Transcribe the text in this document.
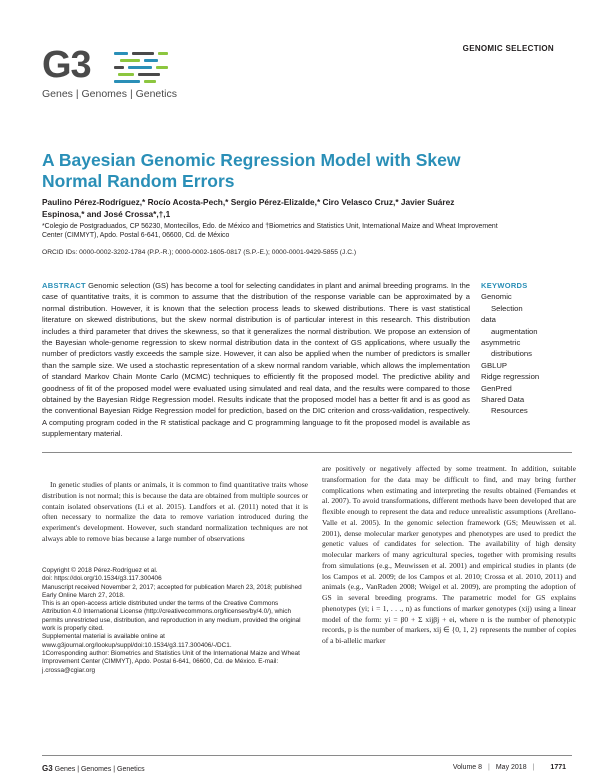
G3
Genes | Genomes | Genetics
GENOMIC SELECTION
A Bayesian Genomic Regression Model with Skew Normal Random Errors
Paulino Pérez-Rodríguez,* Rocío Acosta-Pech,* Sergio Pérez-Elizalde,* Ciro Velasco Cruz,* Javier Suárez Espinosa,* and José Crossa*,†,1
*Colegio de Postgraduados, CP 56230, Montecillos, Edo. de México and †Biometrics and Statistics Unit, International Maize and Wheat Improvement Center (CIMMYT), Apdo. Postal 6-641, 06600, Cd. de México
ORCID IDs: 0000-0002-3202-1784 (P.P.-R.); 0000-0002-1605-0817 (S.P.-E.); 0000-0001-9429-5855 (J.C.)
ABSTRACT Genomic selection (GS) has become a tool for selecting candidates in plant and animal breeding programs. In the case of quantitative traits, it is common to assume that the distribution of the response variable can be approximated by a normal distribution. However, it is known that the selection process leads to skewed distributions. There is vast statistical literature on skewed distributions, but the skew normal distribution is of particular interest in this research. This distribution includes a third parameter that drives the skewness, so that it generalizes the normal distribution. We propose an extension of the Bayesian whole-genome regression to skew normal distribution data in the context of GS applications, where usually the number of predictors vastly exceeds the sample size. However, it can also be applied when the number of predictors is smaller than the sample size. We used a stochastic representation of a skew normal random variable, which allows the implementation of standard Markov Chain Monte Carlo (MCMC) techniques to efficiently fit the proposed model. The predictive ability and goodness of fit of the proposed model were evaluated using simulated and real data, and the results were compared to those obtained by the Bayesian Ridge Regression model. Results indicate that the proposed model has a better fit and is as good as the conventional Bayesian Ridge Regression model for prediction, based on the DIC criterion and cross-validation, respectively. A computing program coded in the R statistical package and C programming language to fit the proposed model is available as supplementary material.
KEYWORDS
Genomic
Selection
data
augmentation
asymmetric
distributions
GBLUP
Ridge regression
GenPred
Shared Data
Resources

In genetic studies of plants or animals, it is common to find quantitative traits whose distribution is not normal; this is because the data are obtained from multiple sources or contain isolated observations (Li et al. 2015). Landfors et al. (2011) noted that it is often necessary to normalize the data to remove variation introduced during the experiment's development. However, such standard normalization techniques are not always able to remove bias because a large number of observations

Copyright © 2018 Pérez-Rodríguez et al.

doi: https://doi.org/10.1534/g3.117.300406

Manuscript received November 2, 2017; accepted for publication March 23, 2018; published Early Online March 27, 2018.

This is an open-access article distributed under the terms of the Creative Commons Attribution 4.0 International License (http://creativecommons.org/licenses/by/4.0/), which permits unrestricted use, distribution, and reproduction in any medium, provided the original work is properly cited.

Supplemental material is available online at www.g3journal.org/lookup/suppl/doi:10.1534/g3.117.300406/-/DC1.

1Corresponding author: Biometrics and Statistics Unit of the International Maize and Wheat Improvement Center (CIMMYT), Apdo. Postal 6-641, 06600, Cd. de México. E-mail: j.crossa@cgiar.org

are positively or negatively affected by some treatment. In addition, suitable transformation for the data may be difficult to find, and may bring further complications when estimating and interpreting the results obtained (Fernandes et al. 2007). To avoid transformations, different methods have been developed that are flexible enough to represent the data and reduce unrealistic assumptions (Arellano-Valle et al. 2005). In the genomic selection framework (GS; Meuwissen et al. 2001), dense molecular marker genotypes and phenotypes are used to predict the genetic values of candidates for selection. The availability of high density molecular markers of many agricultural species, together with promising results from simulations (e.g., Meuwissen et al. 2001) and empirical studies in plants (de los Campos et al. 2009; de los Campos et al. 2010; Crossa et al. 2010, 2011) and animals (e.g., VanRaden 2008; Weigel et al. 2009), are prompting the adoption of GS in several breeding programs. The parametric model for GS explains phenotypes (yi; i = 1, . . ., n) as functions of marker genotypes (xij) using a linear model of the form: yi = β0 + Σ xijβj + ei, where n is the number of phenotypic records, p is the number of markers, xij ∈ {0, 1, 2} represents the number of copies of a bi-allelic marker

G3 Genes | Genomes | Genetics	Volume 8 | May 2018 | 1771
